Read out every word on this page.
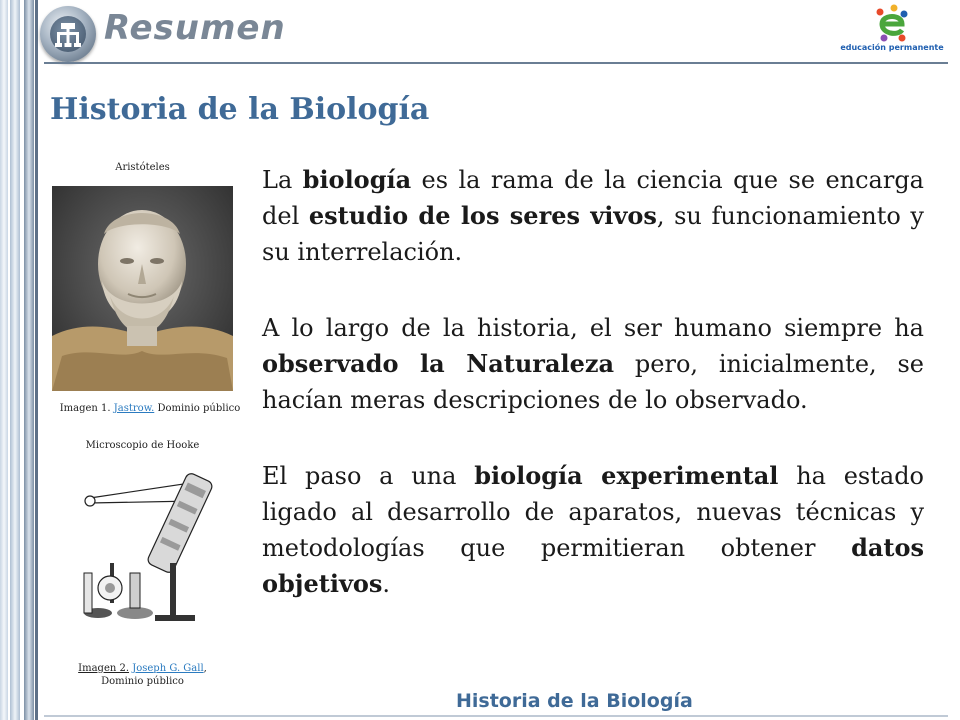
Resumen	educación permanente
Historia de la Biología
Aristóteles
Imagen 1. Jastrow. Dominio público
Microscopio de Hooke
Imagen 2. Joseph G. Gall,
Dominio público

La biología es la rama de la ciencia que se encarga del estudio de los seres vivos, su funcionamiento y su interrelación.

A lo largo de la historia, el ser humano siempre ha observado la Naturaleza pero, inicialmente, se hacían meras descripciones de lo observado.

El paso a una biología experimental ha estado ligado al desarrollo de aparatos, nuevas técnicas y metodologías que permitieran obtener datos objetivos.

Historia de la Biología
